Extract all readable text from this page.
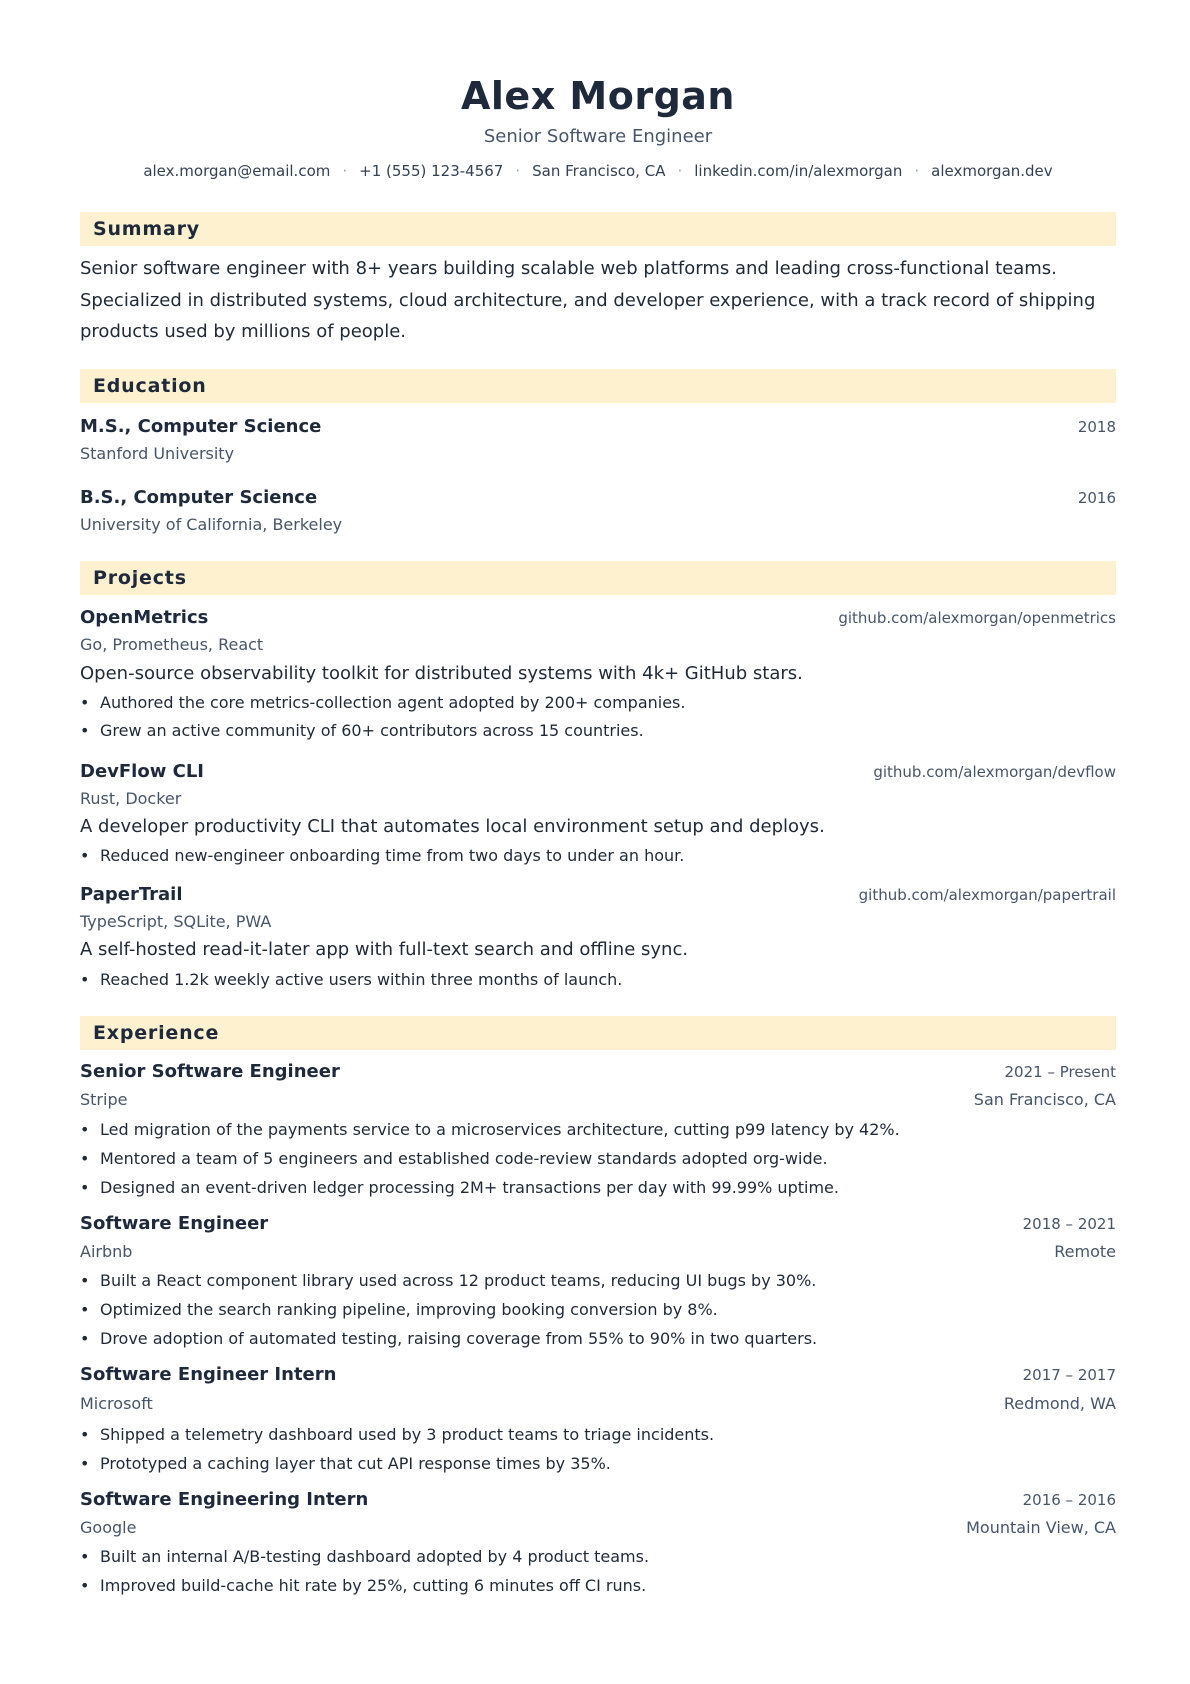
Alex Morgan
Senior Software Engineer
alex.morgan@email.com · +1 (555) 123-4567 · San Francisco, CA · linkedin.com/in/alexmorgan · alexmorgan.dev
Summary
Senior software engineer with 8+ years building scalable web platforms and leading cross-functional teams. Specialized in distributed systems, cloud architecture, and developer experience, with a track record of shipping products used by millions of people.
Education
M.S., Computer Science	2018
Stanford University
B.S., Computer Science	2016
University of California, Berkeley
Projects
OpenMetrics	github.com/alexmorgan/openmetrics
Go, Prometheus, React
Open-source observability toolkit for distributed systems with 4k+ GitHub stars.
• Authored the core metrics-collection agent adopted by 200+ companies.
• Grew an active community of 60+ contributors across 15 countries.
DevFlow CLI	github.com/alexmorgan/devflow
Rust, Docker
A developer productivity CLI that automates local environment setup and deploys.
• Reduced new-engineer onboarding time from two days to under an hour.
PaperTrail	github.com/alexmorgan/papertrail
TypeScript, SQLite, PWA
A self-hosted read-it-later app with full-text search and offline sync.
• Reached 1.2k weekly active users within three months of launch.
Experience
Senior Software Engineer	2021 – Present
Stripe	San Francisco, CA
• Led migration of the payments service to a microservices architecture, cutting p99 latency by 42%.
• Mentored a team of 5 engineers and established code-review standards adopted org-wide.
• Designed an event-driven ledger processing 2M+ transactions per day with 99.99% uptime.
Software Engineer	2018 – 2021
Airbnb	Remote
• Built a React component library used across 12 product teams, reducing UI bugs by 30%.
• Optimized the search ranking pipeline, improving booking conversion by 8%.
• Drove adoption of automated testing, raising coverage from 55% to 90% in two quarters.
Software Engineer Intern	2017 – 2017
Microsoft	Redmond, WA
• Shipped a telemetry dashboard used by 3 product teams to triage incidents.
• Prototyped a caching layer that cut API response times by 35%.
Software Engineering Intern	2016 – 2016
Google	Mountain View, CA
• Built an internal A/B-testing dashboard adopted by 4 product teams.
• Improved build-cache hit rate by 25%, cutting 6 minutes off CI runs.
